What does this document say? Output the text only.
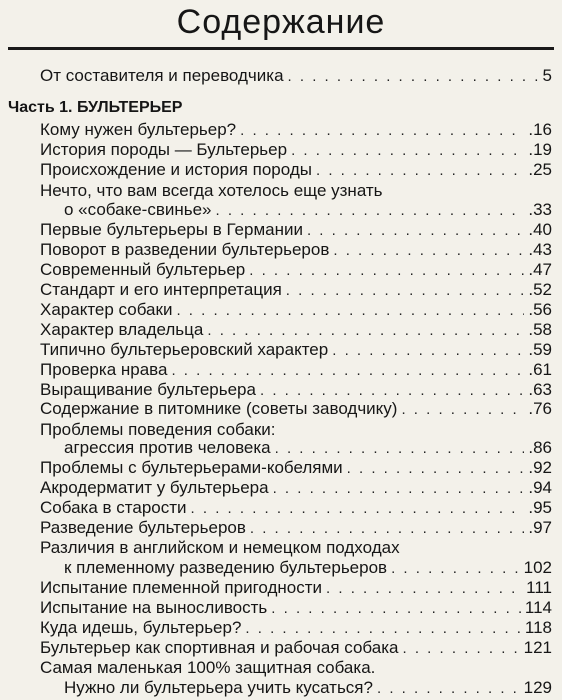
Содержание
От составителя и переводчика . . .	5
Часть 1. БУЛЬТЕРЬЕР
Кому нужен бультерьер? . . .	.16
История породы — Бультерьер . . .	.19
Происхождение и история породы . . .	.25
Нечто, что вам всегда хотелось еще узнать
о «собаке-свинье» . . .	.33
Первые бультерьеры в Германии . . .	.40
Поворот в разведении бультерьеров . . .	.43
Современный бультерьер . . .	.47
Стандарт и его интерпретация . . .	.52
Характер собаки . . .	.56
Характер владельца . . .	.58
Типично бультерьеровский характер . . .	.59
Проверка нрава . . .	.61
Выращивание бультерьера . . .	.63
Содержание в питомнике (советы заводчику) . . .	.76
Проблемы поведения собаки:
агрессия против человека . . .	.86
Проблемы с бультерьерами-кобелями . . .	.92
Акродерматит у бультерьера . . .	.94
Собака в старости . . .	.95
Разведение бультерьеров . . .	.97
Различия в английском и немецком подходах
к племенному разведению бультерьеров . . .	102
Испытание племенной пригодности . . .	111
Испытание на выносливость . . .	114
Куда идешь, бультерьер? . . .	118
Бультерьер как спортивная и рабочая собака . . .	121
Самая маленькая 100% защитная собака.
Нужно ли бультерьера учить кусаться? . . .	129
